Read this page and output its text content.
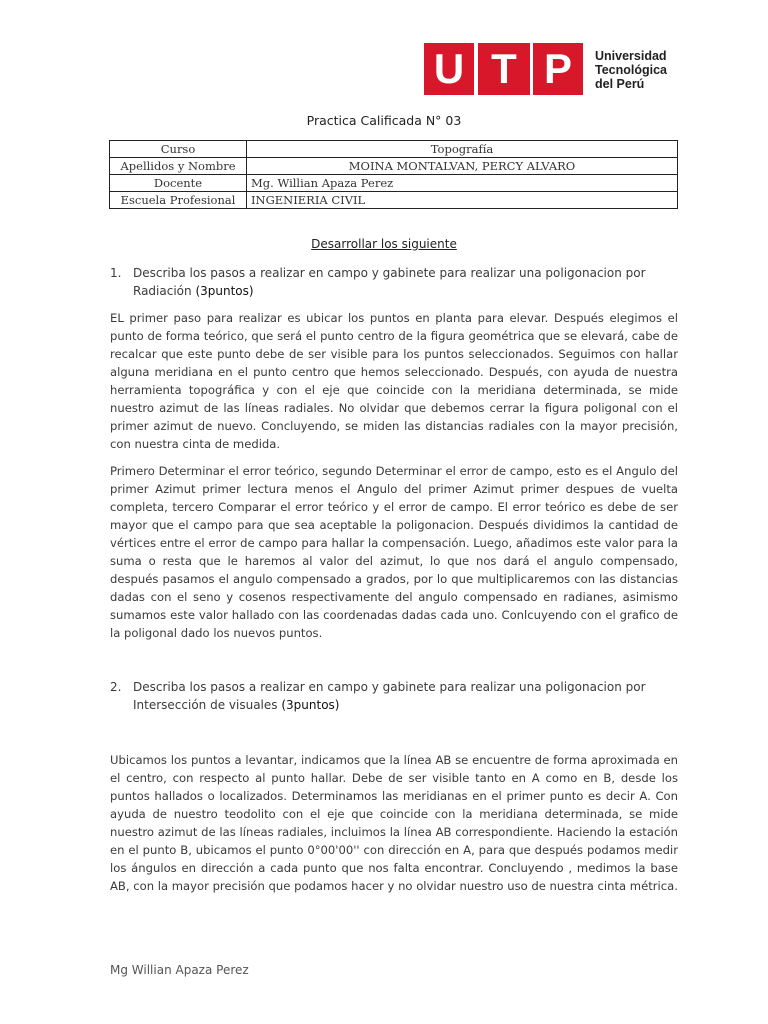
U T P	Universidad
Tecnológica
del Perú
Practica Calificada N° 03
Curso	Topografía
Apellidos y Nombre	MOINA MONTALVAN, PERCY ALVARO
Docente	Mg. Willian Apaza Perez
Escuela Profesional	INGENIERIA CIVIL
Desarrollar los siguiente
1. Describa los pasos a realizar en campo y gabinete para realizar una poligonacion por Radiación (3puntos)
EL primer paso para realizar es ubicar los puntos en planta para elevar. Después elegimos el punto de forma teórico, que será el punto centro de la figura geométrica que se elevará, cabe de recalcar que este punto debe de ser visible para los puntos seleccionados. Seguimos con hallar alguna meridiana en el punto centro que hemos seleccionado. Después, con ayuda de nuestra herramienta topográfica y con el eje que coincide con la meridiana determinada, se mide nuestro azimut de las líneas radiales. No olvidar que debemos cerrar la figura poligonal con el primer azimut de nuevo. Concluyendo, se miden las distancias radiales con la mayor precisión, con nuestra cinta de medida.
Primero Determinar el error teórico, segundo Determinar el error de campo, esto es el Angulo del primer Azimut primer lectura menos el Angulo del primer Azimut primer despues de vuelta completa, tercero Comparar el error teórico y el error de campo. El error teórico es debe de ser mayor que el campo para que sea aceptable la poligonacion. Después dividimos la cantidad de vértices entre el error de campo para hallar la compensación. Luego, añadimos este valor para la suma o resta que le haremos al valor del azimut, lo que nos dará el angulo compensado, después pasamos el angulo compensado a grados, por lo que multiplicaremos con las distancias dadas con el seno y cosenos respectivamente del angulo compensado en radianes, asimismo sumamos este valor hallado con las coordenadas dadas cada uno. Conlcuyendo con el grafico de la poligonal dado los nuevos puntos.
2. Describa los pasos a realizar en campo y gabinete para realizar una poligonacion por Intersección de visuales (3puntos)
Ubicamos los puntos a levantar, indicamos que la línea AB se encuentre de forma aproximada en el centro, con respecto al punto hallar. Debe de ser visible tanto en A como en B, desde los puntos hallados o localizados. Determinamos las meridianas en el primer punto es decir A. Con ayuda de nuestro teodolito con el eje que coincide con la meridiana determinada, se mide nuestro azimut de las líneas radiales, incluimos la línea AB correspondiente. Haciendo la estación en el punto B, ubicamos el punto 0°00'00'' con dirección en A, para que después podamos medir los ángulos en dirección a cada punto que nos falta encontrar. Concluyendo , medimos la base AB, con la mayor precisión que podamos hacer y no olvidar nuestro uso de nuestra cinta métrica.
Mg Willian Apaza Perez
